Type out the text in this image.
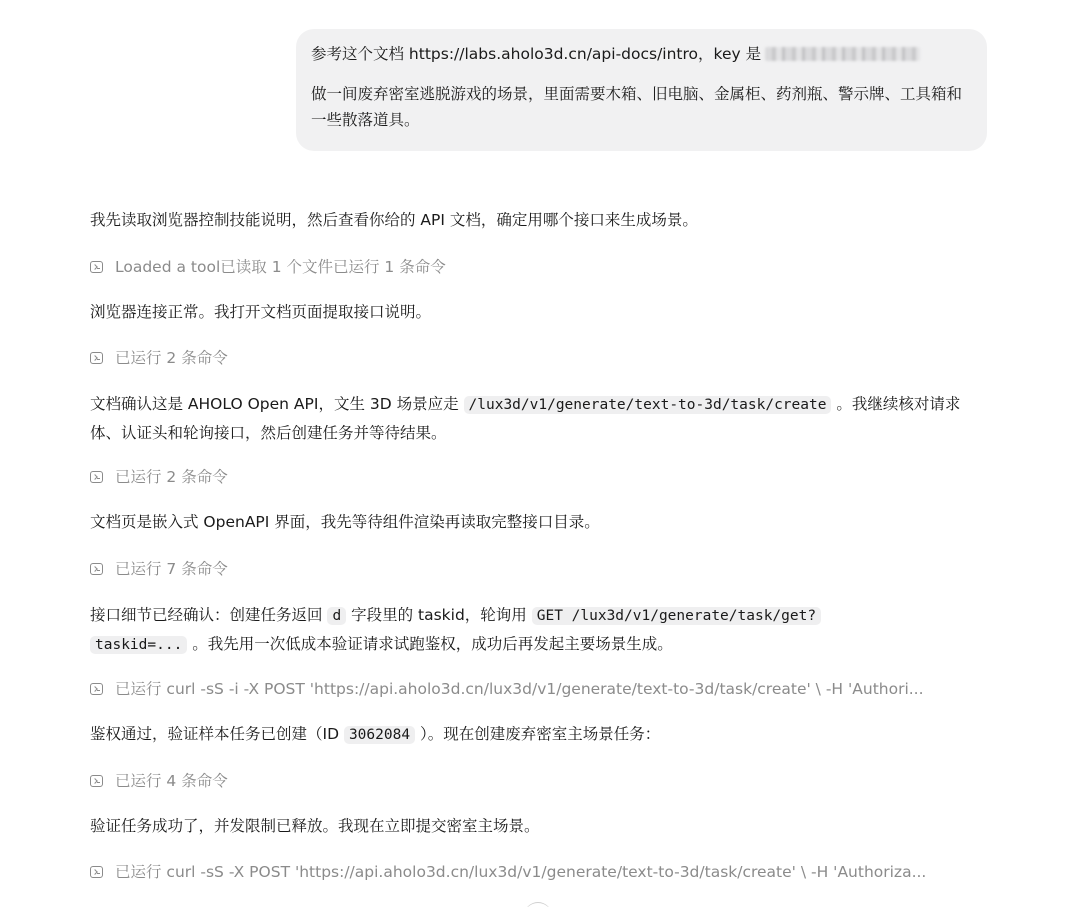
参考这个文档 https://labs.aholo3d.cn/api-docs/intro，key 是
做一间废弃密室逃脱游戏的场景，里面需要木箱、旧电脑、金属柜、药剂瓶、警示牌、工具箱和一些散落道具。
我先读取浏览器控制技能说明，然后查看你给的 API 文档，确定用哪个接口来生成场景。
Loaded a tool已读取 1 个文件已运行 1 条命令
浏览器连接正常。我打开文档页面提取接口说明。
已运行 2 条命令
文档确认这是 AHOLO Open API，文生 3D 场景应走 /lux3d/v1/generate/text-to-3d/task/create 。我继续核对请求体、认证头和轮询接口，然后创建任务并等待结果。
已运行 2 条命令
文档页是嵌入式 OpenAPI 界面，我先等待组件渲染再读取完整接口目录。
已运行 7 条命令
接口细节已经确认：创建任务返回 d 字段里的 taskid，轮询用 GET /lux3d/v1/generate/task/get?
taskid=... 。我先用一次低成本验证请求试跑鉴权，成功后再发起主要场景生成。
已运行 curl -sS -i -X POST 'https://api.aholo3d.cn/lux3d/v1/generate/text-to-3d/task/create' \ -H 'Authori...
鉴权通过，验证样本任务已创建（ID 3062084 ）。现在创建废弃密室主场景任务：
已运行 4 条命令
验证任务成功了，并发限制已释放。我现在立即提交密室主场景。
已运行 curl -sS -X POST 'https://api.aholo3d.cn/lux3d/v1/generate/text-to-3d/task/create' \ -H 'Authoriza...
